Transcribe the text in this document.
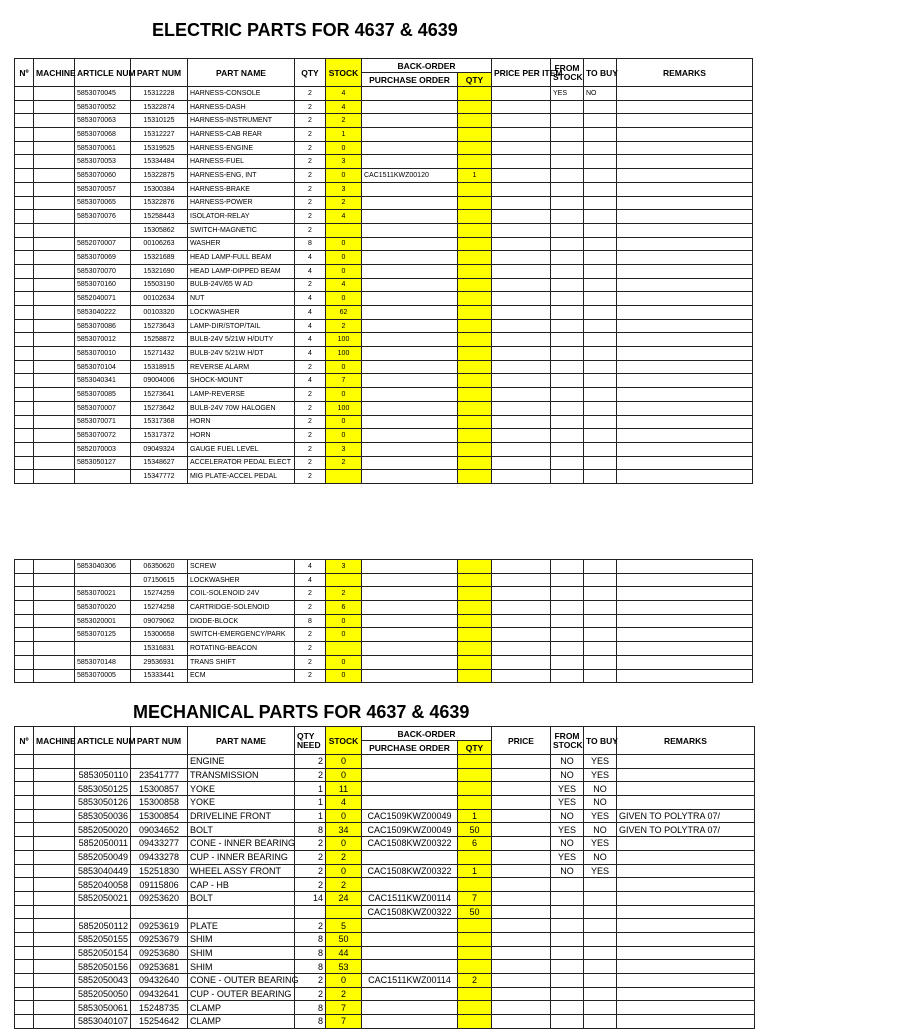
ELECTRIC PARTS FOR 4637 & 4639
Nº	MACHINE	ARTICLE NUM	PART NUM	PART NAME	QTY	STOCK	BACK-ORDER		PRICE PER ITEM	FROM STOCK	TO BUY	REMARKS
							PURCHASE ORDER	QTY				
		5853070045	15312228	HARNESS-CONSOLE	2	4				YES	NO	
		5853070052	15322874	HARNESS-DASH	2	4						
		5853070063	15310125	HARNESS-INSTRUMENT	2	2						
		5853070068	15312227	HARNESS-CAB REAR	2	1						
		5853070061	15319525	HARNESS-ENGINE	2	0						
		5853070053	15334484	HARNESS-FUEL	2	3						
		5853070060	15322875	HARNESS-ENG, INT	2	0	CAC1511KWZ00120	1				
		5853070057	15300384	HARNESS-BRAKE	2	3						
		5853070065	15322876	HARNESS-POWER	2	2						
		5853070076	15258443	ISOLATOR-RELAY	2	4						
			15305862	SWITCH-MAGNETIC	2							
		5852070007	00106263	WASHER	8	0						
		5853070069	15321689	HEAD LAMP-FULL BEAM	4	0						
		5853070070	15321690	HEAD LAMP-DIPPED BEAM	4	0						
		5853070160	15503190	BULB-24V/65 W AD	2	4						
		5852040071	00102634	NUT	4	0						
		5853040222	00103320	LOCKWASHER	4	62						
		5853070086	15273643	LAMP-DIR/STOP/TAIL	4	2						
		5853070012	15258872	BULB-24V 5/21W H/DUTY	4	100						
		5853070010	15271432	BULB-24V 5/21W H/DT	4	100						
		5853070104	15318915	REVERSE ALARM	2	0						
		5853040341	09004006	SHOCK-MOUNT	4	7						
		5853070085	15273641	LAMP-REVERSE	2	0						
		5853070007	15273642	BULB-24V 70W HALOGEN	2	100						
		5853070071	15317368	HORN	2	0						
		5853070072	15317372	HORN	2	0						
		5852070003	09049324	GAUGE FUEL LEVEL	2	3						
		5853050127	15348627	ACCELERATOR PEDAL ELECT	2	2						
			15347772	MIG PLATE-ACCEL PEDAL	2							
		5853040306	06350620	SCREW	4	3						
			07150615	LOCKWASHER	4							
		5853070021	15274259	COIL-SOLENOID 24V	2	2						
		5853070020	15274258	CARTRIDGE-SOLENOID	2	6						
		5853020001	09079062	DIODE-BLOCK	8	0						
		5853070125	15300658	SWITCH-EMERGENCY/PARK	2	0						
			15316831	ROTATING-BEACON	2							
		5853070148	29536931	TRANS SHIFT	2	0						
		5853070005	15333441	ECM	2	0						
MECHANICAL PARTS FOR 4637 & 4639
Nº	MACHINE	ARTICLE NUM	PART NUM	PART NAME	QTY NEED	STOCK	BACK-ORDER		PRICE	FROM STOCK	TO BUY	REMARKS
							PURCHASE ORDER	QTY				
				ENGINE	2	0				NO	YES	
		5853050110	23541777	TRANSMISSION	2	0				NO	YES	
		5853050125	15300857	YOKE	1	11				YES	NO	
		5853050126	15300858	YOKE	1	4				YES	NO	
		5853050036	15300854	DRIVELINE FRONT	1	0	CAC1509KWZ00049	1		NO	YES	GIVEN TO POLYTRA 07/
		5852050020	09034652	BOLT	8	34	CAC1509KWZ00049	50		YES	NO	GIVEN TO POLYTRA 07/
		5852050011	09433277	CONE - INNER BEARING	2	0	CAC1508KWZ00322	6		NO	YES	
		5852050049	09433278	CUP - INNER BEARING	2	2				YES	NO	
		5853040449	15251830	WHEEL ASSY FRONT	2	0	CAC1508KWZ00322	1		NO	YES	
		5852040058	09115806	CAP - HB	2	2						
		5852050021	09253620	BOLT	14	24	CAC1511KWZ00114	7				
							CAC1508KWZ00322	50				
		5852050112	09253619	PLATE	2	5						
		5852050155	09253679	SHIM	8	50						
		5852050154	09253680	SHIM	8	44						
		5852050156	09253681	SHIM	8	53						
		5852050043	09432640	CONE - OUTER BEARING	2	0	CAC1511KWZ00114	2				
		5852050050	09432641	CUP - OUTER BEARING	2	2						
		5853050061	15248735	CLAMP	8	7						
		5853040107	15254642	CLAMP	8	7						
